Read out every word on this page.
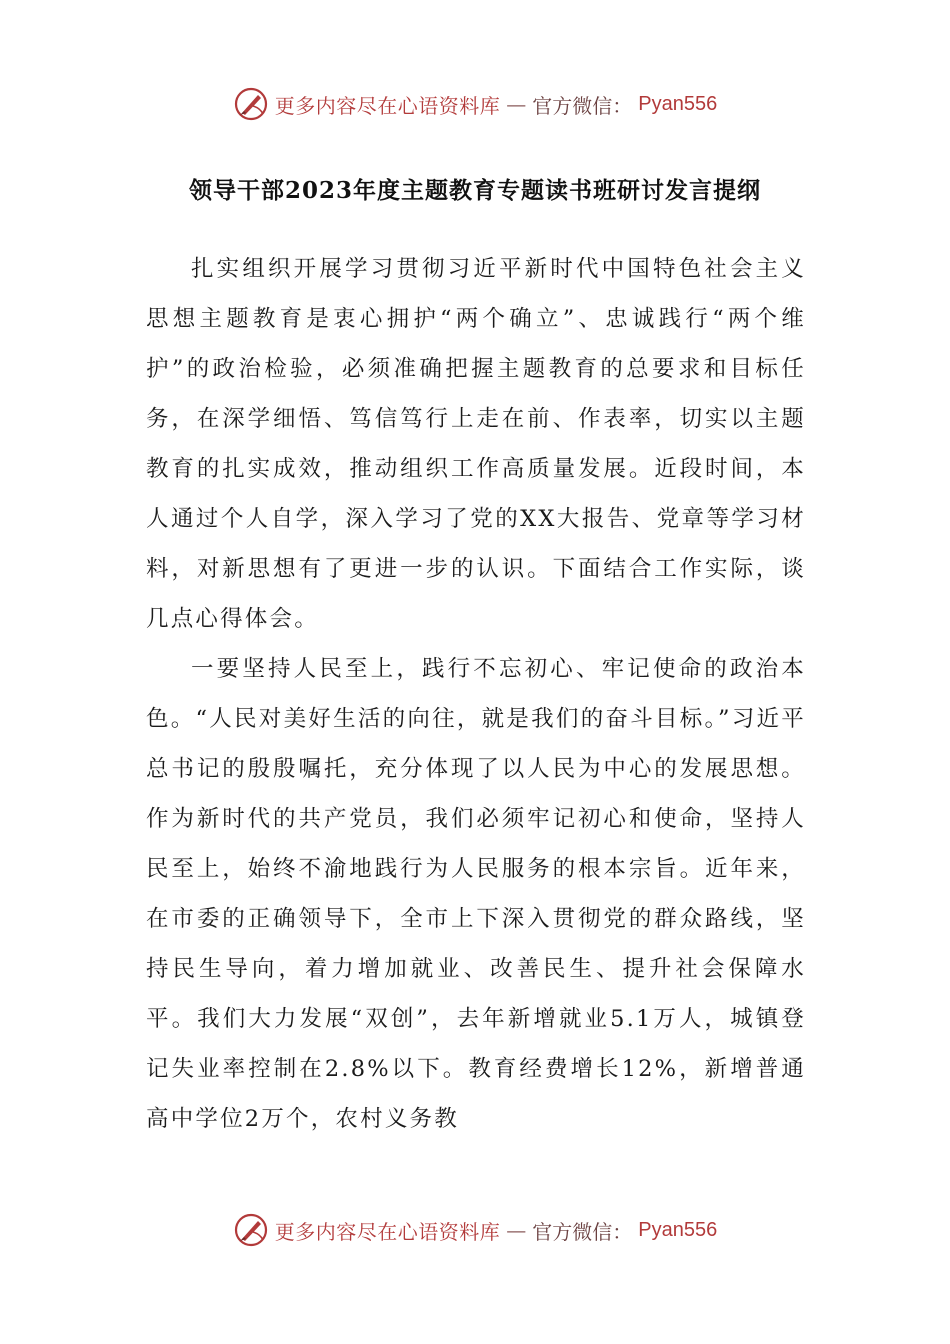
更多内容尽在心语资料库 — 官方微信： Pyan556
领导干部2023年度主题教育专题读书班研讨发言提纲

扎实组织开展学习贯彻习近平新时代中国特色社会主义思想主题教育是衷心拥护“两个确立”、忠诚践行“两个维护”的政治检验，必须准确把握主题教育的总要求和目标任务，在深学细悟、笃信笃行上走在前、作表率，切实以主题教育的扎实成效，推动组织工作高质量发展。近段时间，本人通过个人自学，深入学习了党的XX大报告、党章等学习材料，对新思想有了更进一步的认识。下面结合工作实际，谈几点心得体会。

一要坚持人民至上，践行不忘初心、牢记使命的政治本色。“人民对美好生活的向往，就是我们的奋斗目标。”习近平总书记的殷殷嘱托，充分体现了以人民为中心的发展思想。作为新时代的共产党员，我们必须牢记初心和使命，坚持人民至上，始终不渝地践行为人民服务的根本宗旨。近年来，在市委的正确领导下，全市上下深入贯彻党的群众路线，坚持民生导向，着力增加就业、改善民生、提升社会保障水平。我们大力发展“双创”，去年新增就业5.1万人，城镇登记失业率控制在2.8%以下。教育经费增长12%，新增普通高中学位2万个，农村义务教

更多内容尽在心语资料库 — 官方微信： Pyan556
